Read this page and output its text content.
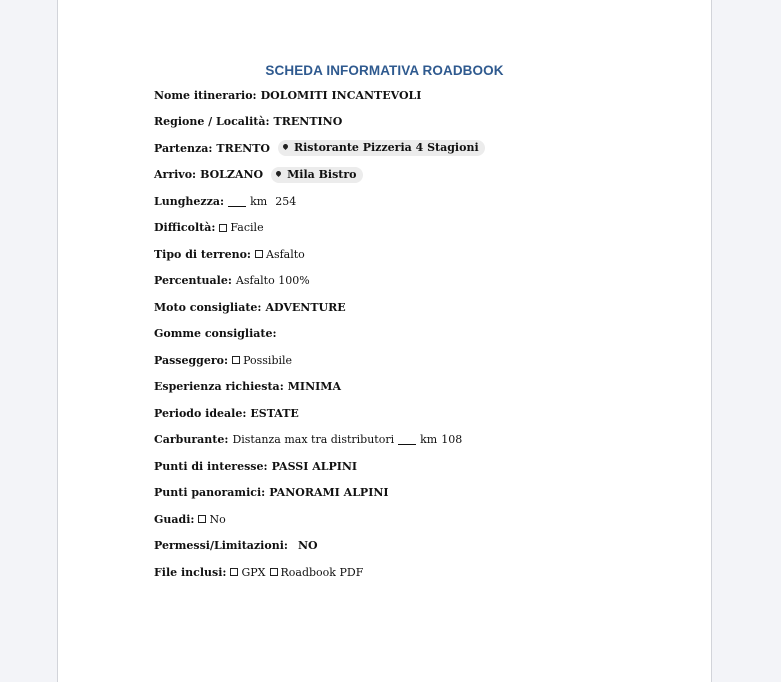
SCHEDA INFORMATIVA ROADBOOK
Nome itinerario: DOLOMITI INCANTEVOLI
Regione / Località: TRENTINO
Partenza: TRENTO Ristorante Pizzeria 4 Stagioni
Arrivo: BOLZANO Mila Bistro
Lunghezza: km 254
Difficoltà: Facile
Tipo di terreno: Asfalto
Percentuale: Asfalto 100%
Moto consigliate: ADVENTURE
Gomme consigliate:
Passeggero: Possibile
Esperienza richiesta: MINIMA
Periodo ideale: ESTATE
Carburante: Distanza max tra distributori km 108
Punti di interesse: PASSI ALPINI
Punti panoramici: PANORAMI ALPINI
Guadi: No
Permessi/Limitazioni: NO
File inclusi: GPX Roadbook PDF
